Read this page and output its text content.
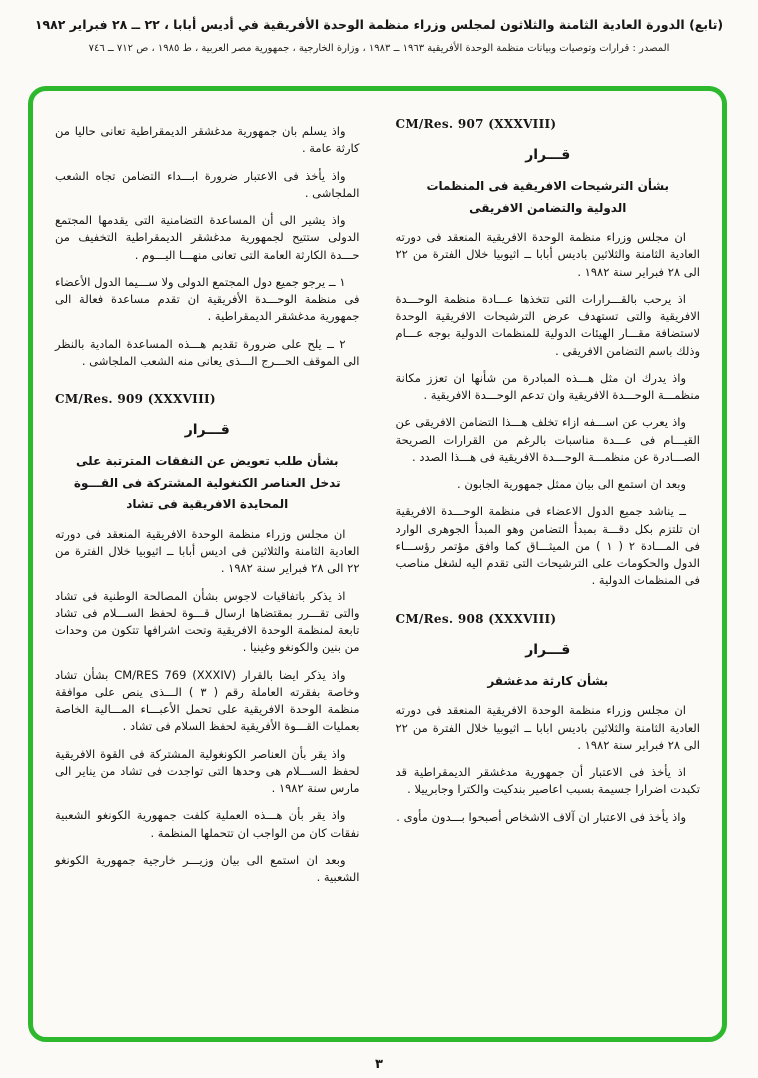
(تابع) الدورة العادية الثامنة والثلاثون لمجلس وزراء منظمة الوحدة الأفريقية في أديس أبابا ، ٢٢ ــ ٢٨ فبراير ١٩٨٢
المصدر : قرارات وتوصيات وبيانات منظمة الوحدة الأفريقية ١٩٦٣ ــ ١٩٨٣ ، وزارة الخارجية ، جمهورية مصر العربية ، ط ١٩٨٥ ، ص ٧١٢ ــ ٧٤٦
CM/Res. 907 (XXXVIII)
قـــرار
بشأن الترشيحات الافريقية فى المنظمات
الدولية والتضامن الافريقى
ان مجلس وزراء منظمة الوحدة الافريقية المنعقد فى دورته العادية الثامنة والثلاثين باديس أبابا ــ اثيوبيا خلال الفترة من ٢٢ الى ٢٨ فبراير سنة ١٩٨٢ .
اذ يرحب بالقـــرارات التى تتخذها عـــادة منظمة الوحـــدة الافريقية والتى تستهدف عرض الترشيحات الافريقية الوحدة لاستضافة مقـــار الهيئات الدولية للمنظمات الدولية بوجه عـــام وذلك باسم التضامن الافريقى .
واذ يدرك ان مثل هـــذه المبادرة من شأنها ان تعزز مكانة منظمـــة الوحـــدة الافريقية وان تدعم الوحـــدة الافريقية .
واذ يعرب عن اســـفه ازاء تخلف هـــذا التضامن الافريقى عن القيـــام فى عـــدة مناسبات بالرغم من القرارات الصريحة الصـــادرة عن منظمـــة الوحـــدة الافريقية فى هـــذا الصدد .
وبعد ان استمع الى بيان ممثل جمهورية الجابون .
ــ يناشد جميع الدول الاعضاء فى منظمة الوحـــدة الافريقية ان تلتزم بكل دقـــة بمبدأ التضامن وهو المبدأ الجوهرى الوارد فى المـــادة ٢ ( ١ ) من الميثـــاق كما وافق مؤتمر رؤســـاء الدول والحكومات على الترشيحات التى تقدم اليه لشغل مناصب فى المنظمات الدولية .
CM/Res. 908 (XXXVIII)
قـــرار
بشأن كارثة مدغشقر
ان مجلس وزراء منظمة الوحدة الافريقية المنعقد فى دورته العادية الثامنة والثلاثين باديس ابابا ــ اثيوبيا خلال الفترة من ٢٢ الى ٢٨ فبراير سنة ١٩٨٢ .
اذ يأخذ فى الاعتبار أن جمهورية مدغشقر الديمقراطية قد تكبدت اضرارا جسيمة بسبب اعاصير بندكيت والكترا وجابرييلا .
واذ يأخذ فى الاعتبار ان آلاف الاشخاص أصبحوا بـــدون مأوى .
واذ يسلم بان جمهورية مدغشقر الديمقراطية تعانى حاليا من كارثة عامة .
واذ يأخذ فى الاعتبار ضرورة ابـــداء التضامن تجاه الشعب الملجاشى .
واذ يشير الى أن المساعدة التضامنية التى يقدمها المجتمع الدولى ستتيح لجمهورية مدغشقر الديمقراطية التخفيف من حـــدة الكارثة العامة التى تعانى منهـــا اليـــوم .
١ ــ يرجو جميع دول المجتمع الدولى ولا ســـيما الدول الأعضاء فى منظمة الوحـــدة الأفريقية ان تقدم مساعدة فعالة الى جمهورية مدغشقر الديمقراطية .
٢ ــ يلح على ضرورة تقديم هـــذه المساعدة المادية بالنظر الى الموقف الحـــرج الـــذى يعانى منه الشعب الملجاشى .
CM/Res. 909 (XXXVIII)
قـــرار
بشأن طلب تعويض عن النفقات المترتبة على
تدخل العناصر الكنغولية المشتركة فى القـــوة
المحايدة الافريقية فى تشاد
ان مجلس وزراء منظمة الوحدة الافريقية المنعقد فى دورته العادية الثامنة والثلاثين فى اديس أبابا ــ اثيوبيا خلال الفترة من ٢٢ الى ٢٨ فبراير سنة ١٩٨٢ .
اذ يذكر باتفاقيات لاجوس بشأن المصالحة الوطنية فى تشاد والتى تقـــرر بمقتضاها ارسال قـــوة لحفظ الســـلام فى تشاد تابعة لمنظمة الوحدة الافريقية وتحت اشرافها تتكون من وحدات من بنين والكونغو وغينيا .
واذ يذكر ايضا بالقرار CM/RES 769 (XXXIV) بشأن تشاد وخاصة بفقرته العاملة رقم ( ٣ ) الـــذى ينص على موافقة منظمة الوحدة الافريقية على تحمل الأعبـــاء المـــالية الخاصة بعمليات القـــوة الأفريقية لحفظ السلام فى تشاد .
واذ يقر بأن العناصر الكونغولية المشتركة فى القوة الافريقية لحفظ الســـلام هى وحدها التى تواجدت فى تشاد من يناير الى مارس سنة ١٩٨٢ .
واذ يقر بأن هـــذه العملية كلفت جمهورية الكونغو الشعبية نفقات كان من الواجب ان تتحملها المنظمة .
وبعد ان استمع الى بيان وزيـــر خارجية جمهورية الكونغو الشعبية .
٣
